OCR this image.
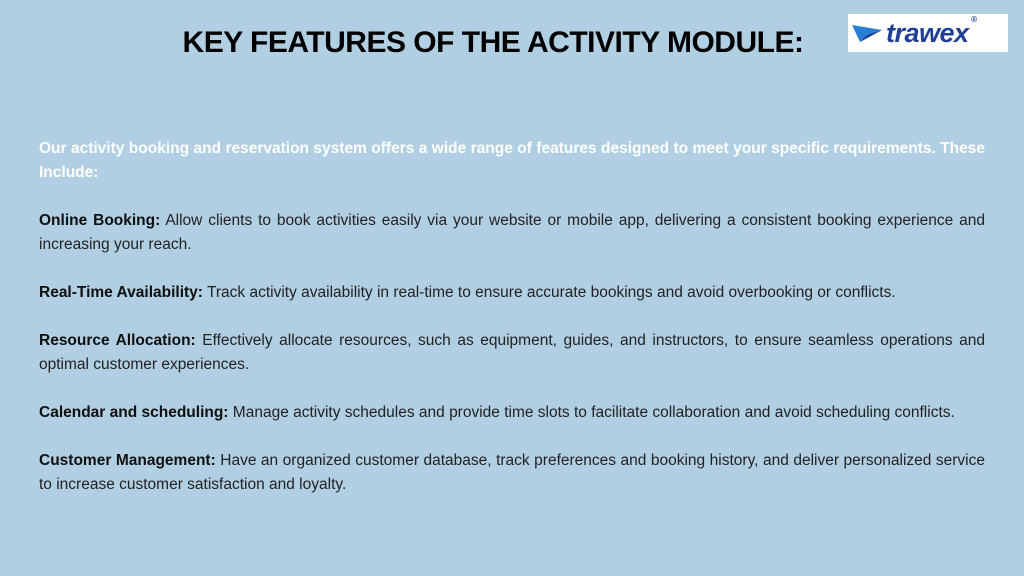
KEY FEATURES OF THE ACTIVITY MODULE:	trawex ®

Our activity booking and reservation system offers a wide range of features designed to meet your specific requirements. These Include:

Online Booking: Allow clients to book activities easily via your website or mobile app, delivering a consistent booking experience and increasing your reach.

Real-Time Availability: Track activity availability in real-time to ensure accurate bookings and avoid overbooking or conflicts.

Resource Allocation: Effectively allocate resources, such as equipment, guides, and instructors, to ensure seamless operations and optimal customer experiences.

Calendar and scheduling: Manage activity schedules and provide time slots to facilitate collaboration and avoid scheduling conflicts.

Customer Management: Have an organized customer database, track preferences and booking history, and deliver personalized service to increase customer satisfaction and loyalty.
